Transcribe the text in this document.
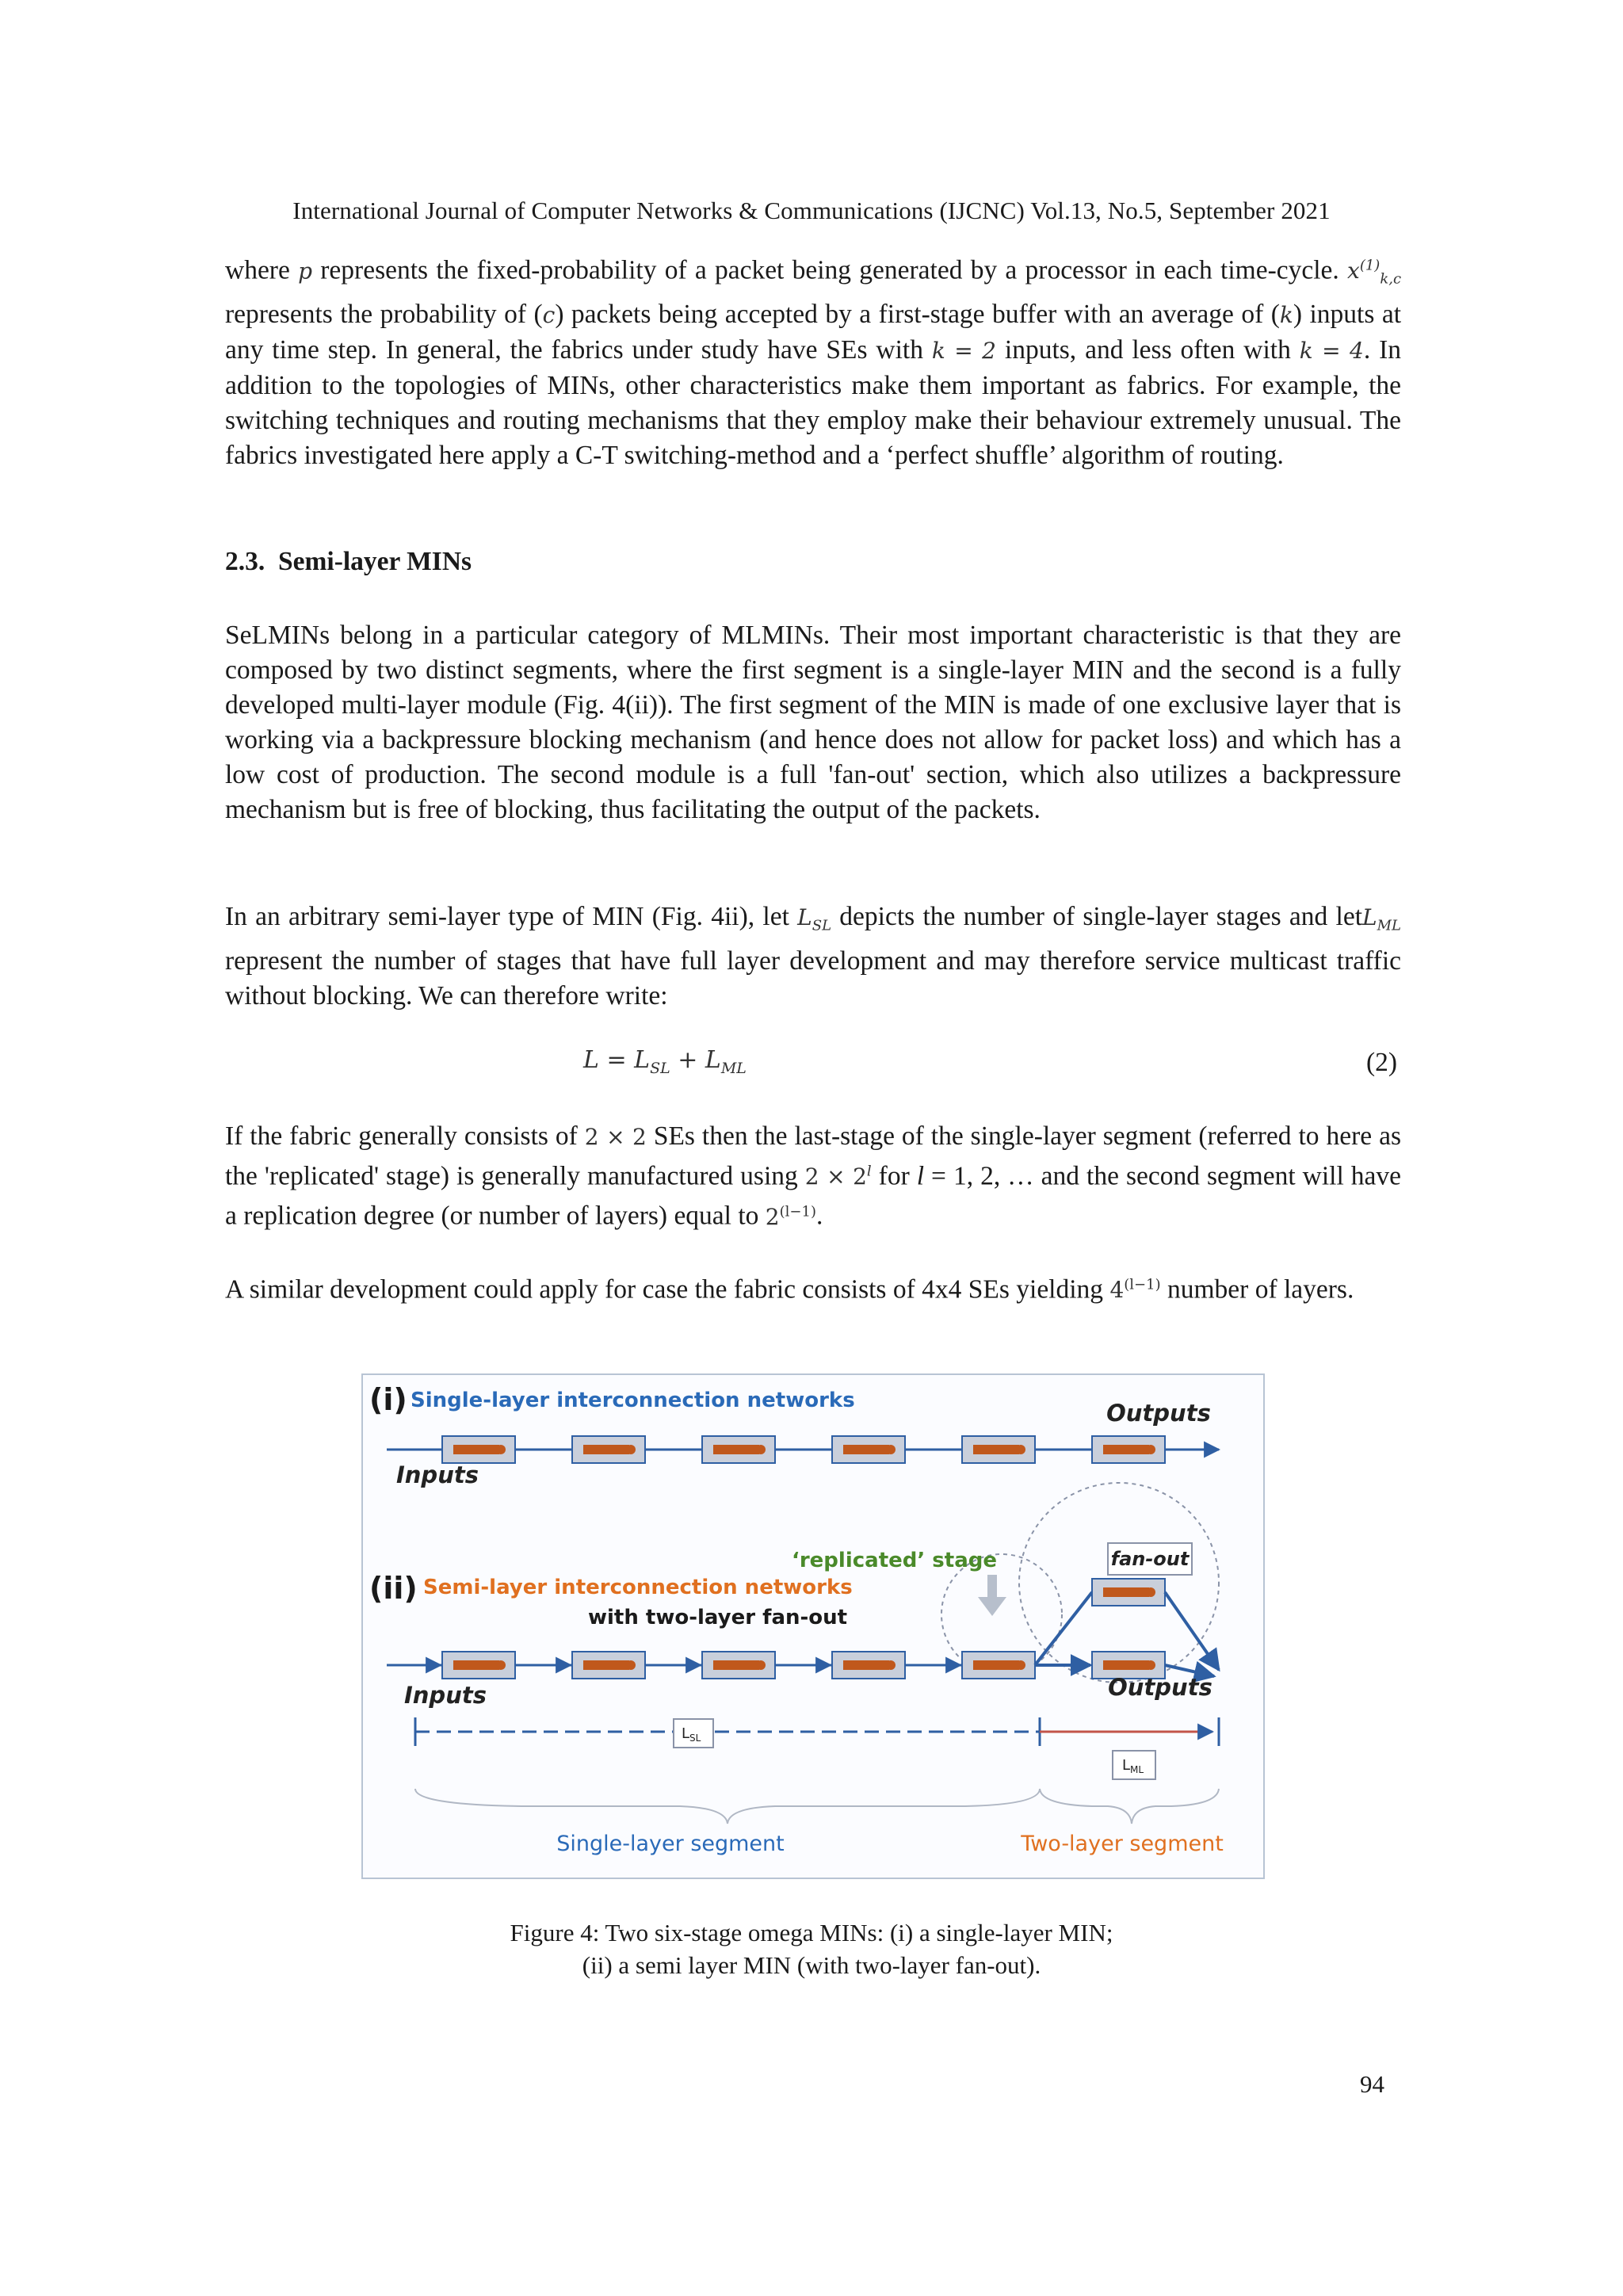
International Journal of Computer Networks & Communications (IJCNC) Vol.13, No.5, September 2021

where p represents the fixed-probability of a packet being generated by a processor in each time-cycle. $x^{(1)}_{k,c}$ represents the probability of (c) packets being accepted by a first-stage buffer with an average of (k) inputs at any time step. In general, the fabrics under study have SEs with k = 2 inputs, and less often with k = 4. In addition to the topologies of MINs, other characteristics make them important as fabrics. For example, the switching techniques and routing mechanisms that they employ make their behaviour extremely unusual. The fabrics investigated here apply a C-T switching-method and a ‘perfect shuffle’ algorithm of routing.

2.3. Semi-layer MINs

SeLMINs belong in a particular category of MLMINs. Their most important characteristic is that they are composed by two distinct segments, where the first segment is a single-layer MIN and the second is a fully developed multi-layer module (Fig. 4(ii)). The first segment of the MIN is made of one exclusive layer that is working via a backpressure blocking mechanism (and hence does not allow for packet loss) and which has a low cost of production. The second module is a full 'fan-out' section, which also utilizes a backpressure mechanism but is free of blocking, thus facilitating the output of the packets.

In an arbitrary semi-layer type of MIN (Fig. 4ii), let $L_{SL}$ depicts the number of single-layer stages and letL$_{ML}$ represent the number of stages that have full layer development and may therefore service multicast traffic without blocking. We can therefore write:

$L = L_{SL} + L_{ML}$	(2)

If the fabric generally consists of 2 × 2 SEs then the last-stage of the single-layer segment (referred to here as the 'replicated' stage) is generally manufactured using $2 \times 2^l$ for l = 1, 2, … and the second segment will have a replication degree (or number of layers) equal to $2^{(l-1)}$.

A similar development could apply for case the fabric consists of 4x4 SEs yielding $4^{(l-1)}$ number of layers.

(i) Single-layer interconnection networks	Outputs
Inputs
‘replicated’ stage	fan-out
(ii) Semi-layer interconnection networks
with two-layer fan-out
Inputs	Outputs
$L_{SL}$
$L_{ML}$
Single-layer segment	Two-layer segment
Figure 4: Two six-stage omega MINs: (i) a single-layer MIN;
(ii) a semi layer MIN (with two-layer fan-out).
94
